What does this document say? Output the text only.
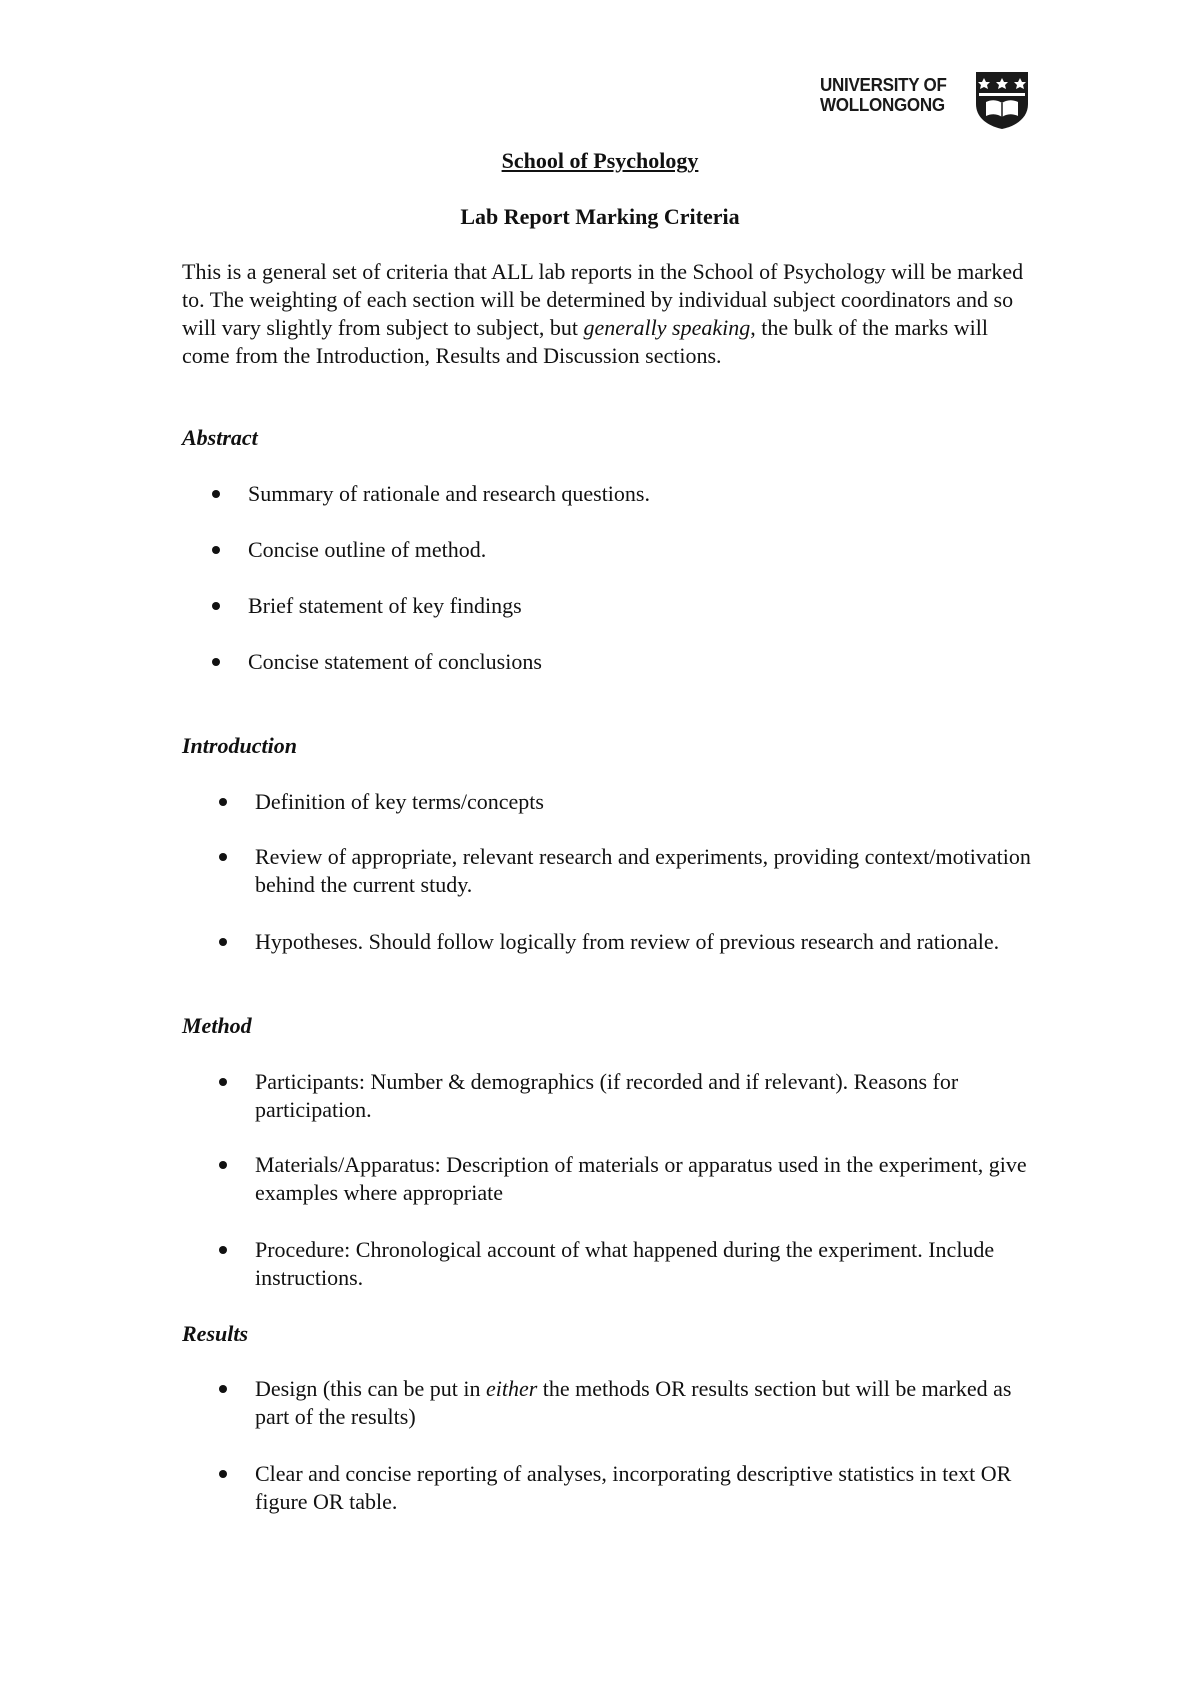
UNIVERSITY OF
WOLLONGONG
School of Psychology
Lab Report Marking Criteria

This is a general set of criteria that ALL lab reports in the School of Psychology will be marked to. The weighting of each section will be determined by individual subject coordinators and so will vary slightly from subject to subject, but generally speaking, the bulk of the marks will come from the Introduction, Results and Discussion sections.

Abstract
Summary of rationale and research questions.
Concise outline of method.
Brief statement of key findings
Concise statement of conclusions
Introduction
Definition of key terms/concepts
Review of appropriate, relevant research and experiments, providing context/motivation behind the current study.
Hypotheses. Should follow logically from review of previous research and rationale.
Method
Participants: Number & demographics (if recorded and if relevant). Reasons for participation.
Materials/Apparatus: Description of materials or apparatus used in the experiment, give examples where appropriate
Procedure: Chronological account of what happened during the experiment. Include instructions.
Results
Design (this can be put in either the methods OR results section but will be marked as part of the results)
Clear and concise reporting of analyses, incorporating descriptive statistics in text OR figure OR table.
